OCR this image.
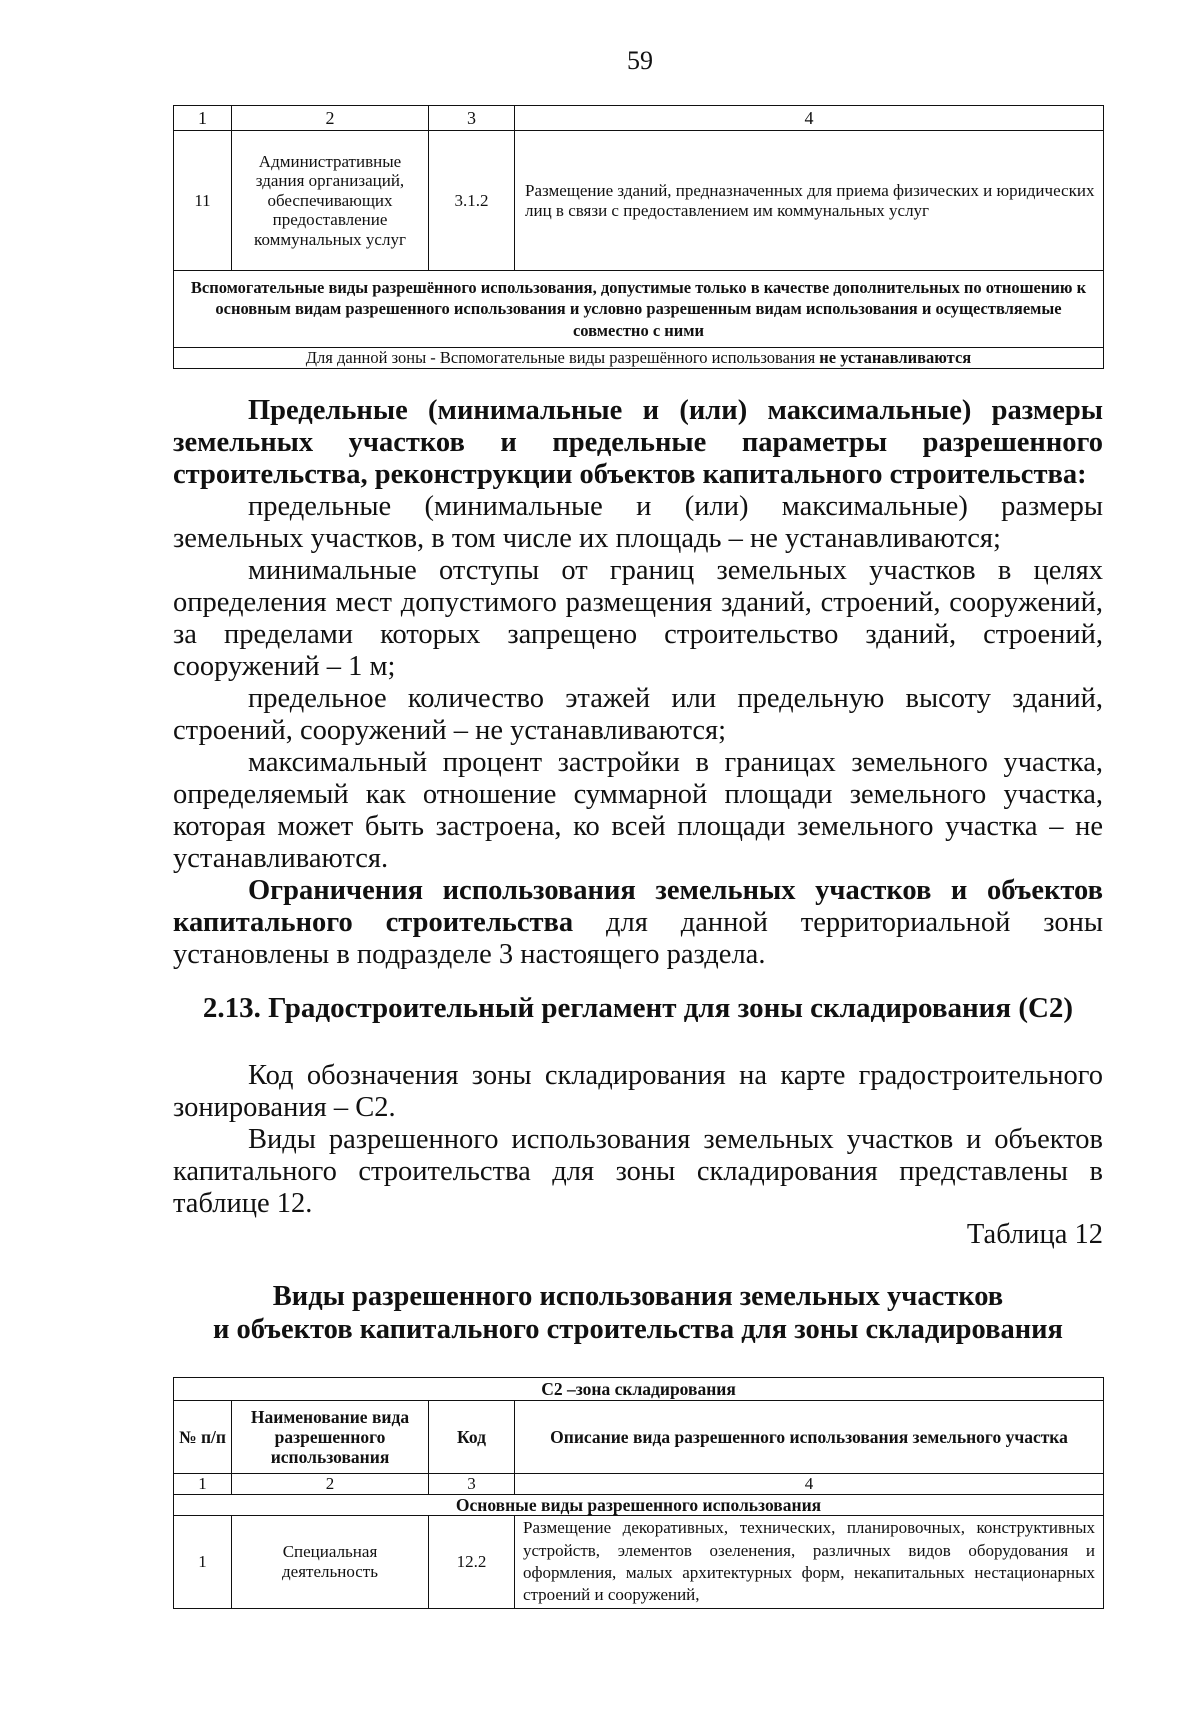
59
1	2	3	4
11	Административные здания организаций, обеспечивающих предоставление коммунальных услуг	3.1.2	Размещение зданий, предназначенных для приема физических и юридических лиц в связи с предоставлением им коммунальных услуг
Вспомогательные виды разрешённого использования, допустимые только в качестве дополнительных по отношению к основным видам разрешенного использования и условно разрешенным видам использования и осуществляемые совместно с ними			
Для данной зоны - Вспомогательные виды разрешённого использования не устанавливаются			

Предельные (минимальные и (или) максимальные) размеры земельных участков и предельные параметры разрешенного строительства, реконструкции объектов капитального строительства:

предельные (минимальные и (или) максимальные) размеры земельных участков, в том числе их площадь – не устанавливаются;

минимальные отступы от границ земельных участков в целях определения мест допустимого размещения зданий, строений, сооружений, за пределами которых запрещено строительство зданий, строений, сооружений – 1 м;

предельное количество этажей или предельную высоту зданий, строений, сооружений – не устанавливаются;

максимальный процент застройки в границах земельного участка, определяемый как отношение суммарной площади земельного участка, которая может быть застроена, ко всей площади земельного участка – не устанавливаются.

Ограничения использования земельных участков и объектов капитального строительства для данной территориальной зоны установлены в подразделе 3 настоящего раздела.

2.13. Градостроительный регламент для зоны складирования (С2)

Код обозначения зоны складирования на карте градостроительного зонирования – С2.

Виды разрешенного использования земельных участков и объектов капитального строительства для зоны складирования представлены в таблице 12.

Таблица 12
Виды разрешенного использования земельных участков
и объектов капитального строительства для зоны складирования
С2 –зона складирования			
№ п/п	Наименование вида разрешенного использования	Код	Описание вида разрешенного использования земельного участка
1	2	3	4
Основные виды разрешенного использования			
1	Специальная деятельность	12.2	Размещение декоративных, технических, планировочных, конструктивных устройств, элементов озеленения, различных видов оборудования и оформления, малых архитектурных форм, некапитальных нестационарных строений и сооружений,
